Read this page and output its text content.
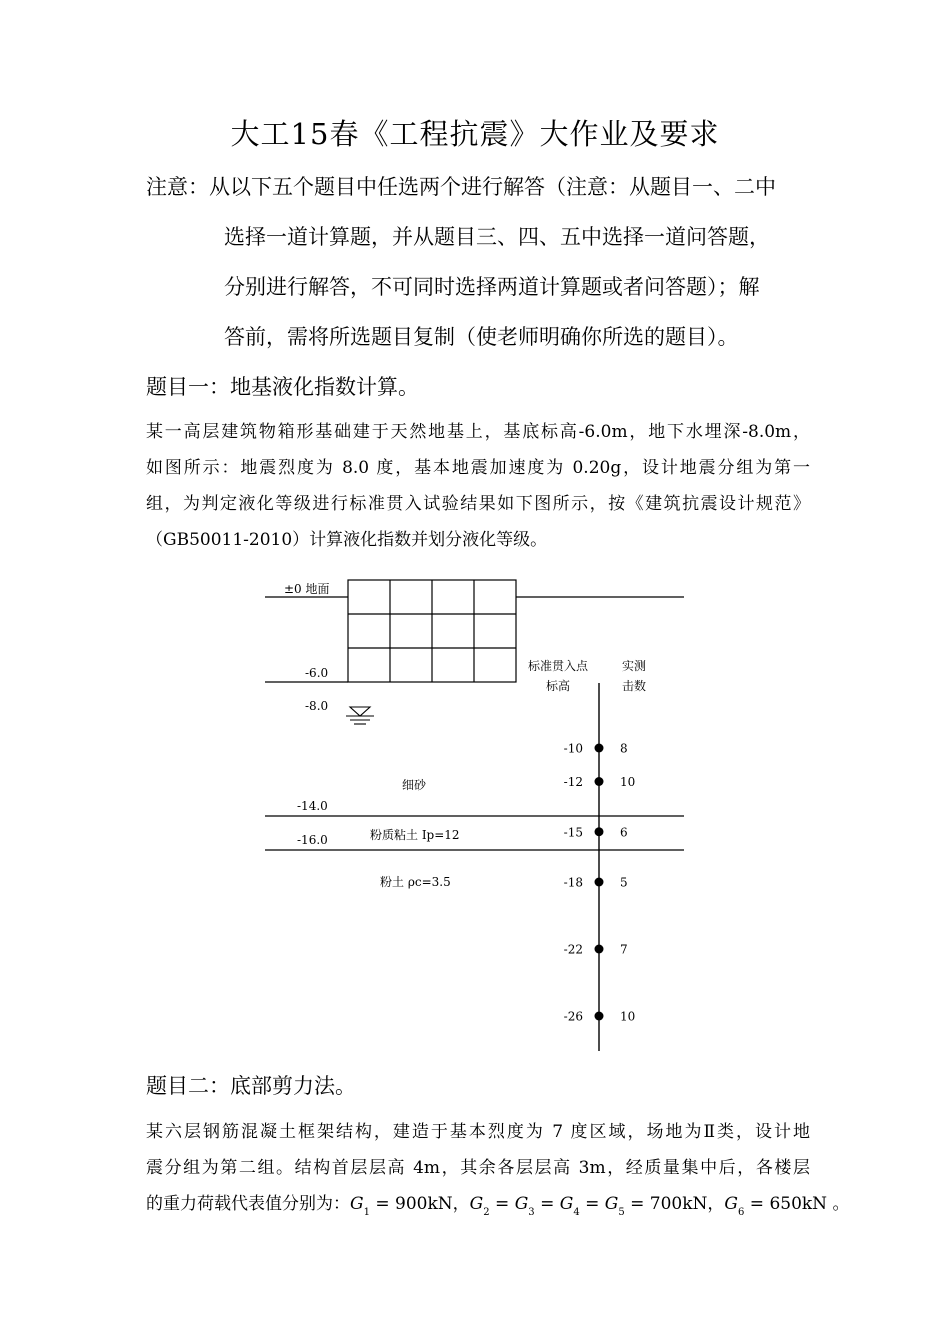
大工15春《工程抗震》大作业及要求
注意：从以下五个题目中任选两个进行解答（注意：从题目一、二中
选择一道计算题，并从题目三、四、五中选择一道问答题，
分别进行解答，不可同时选择两道计算题或者问答题）；解
答前，需将所选题目复制（使老师明确你所选的题目）。
题目一：地基液化指数计算。
某一高层建筑物箱形基础建于天然地基上，基底标高-6.0m，地下水埋深-8.0m，
如图所示：地震烈度为 8.0 度，基本地震加速度为 0.20g，设计地震分组为第一
组，为判定液化等级进行标准贯入试验结果如下图所示，按《建筑抗震设计规范》
（GB50011-2010）计算液化指数并划分液化等级。
±0 地面
-6.0
-8.0
-14.0
-16.0
细砂
粉质粘土 Ip=12
粉土 ρc=3.5
标准贯入点
标高
实测
击数
-10	8
-12	10
-15	6
-18	5
-22	7
-26	10
题目二：底部剪力法。
某六层钢筋混凝土框架结构，建造于基本烈度为 7 度区域，场地为Ⅱ类，设计地
震分组为第二组。结构首层层高 4m，其余各层层高 3m，经质量集中后，各楼层
的重力荷载代表值分别为：$G_1 = 900kN$，$G_2 = G_3 = G_4 = G_5 = 700kN$，$G_6 = 650kN$ 。
